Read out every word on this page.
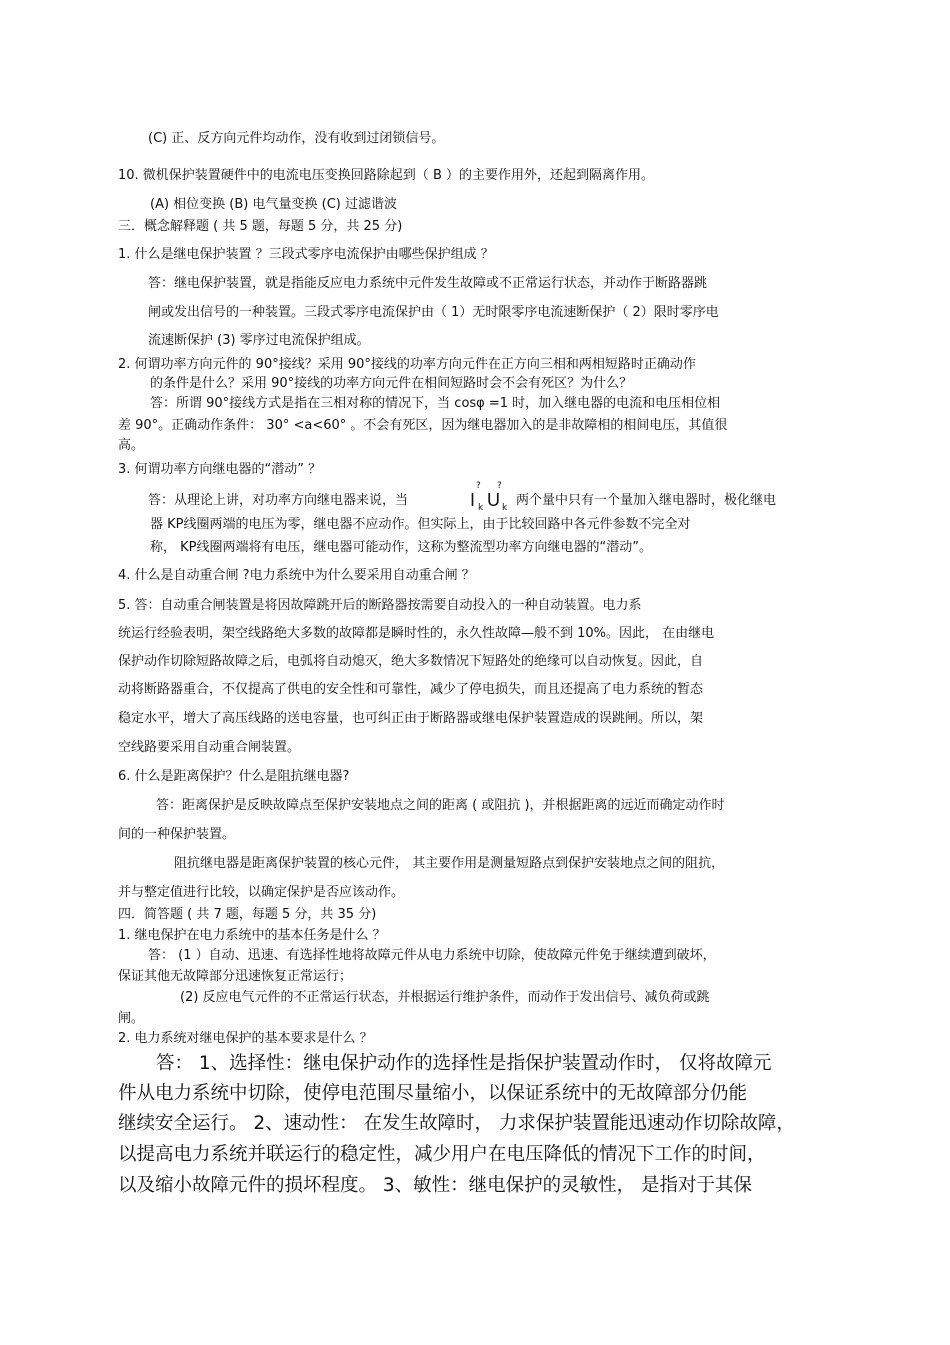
(C) 正、反方向元件均动作，没有收到过闭锁信号。
10. 微机保护装置硬件中的电流电压变换回路除起到（ B ）的主要作用外，还起到隔离作用。
(A) 相位变换 (B) 电气量变换 (C) 过滤谐波
三．概念解释题 ( 共 5 题，每题 5 分，共 25 分)
1. 什么是继电保护装置 ？三段式零序电流保护由哪些保护组成 ？
答：继电保护装置，就是指能反应电力系统中元件发生故障或不正常运行状态，并动作于断路器跳
闸或发出信号的一种装置。三段式零序电流保护由（ 1）无时限零序电流速断保护（ 2）限时零序电
流速断保护 (3) 零序过电流保护组成。
2. 何谓功率方向元件的 90°接线？采用 90°接线的功率方向元件在正方向三相和两相短路时正确动作
的条件是什么？采用 90°接线的功率方向元件在相间短路时会不会有死区？为什么？
答：所谓 90°接线方式是指在三相对称的情况下，当 cosφ =1 时，加入继电器的电流和电压相位相
差 90°。正确动作条件： 30° <a<60° 。不会有死区，因为继电器加入的是非故障相的相间电压，其值很
高。
3. 何谓功率方向继电器的“潜动” ？
答：从理论上讲，对功率方向继电器来说，当
? ?
I k U k 两个量中只有一个量加入继电器时，极化继电
器 KP线圈两端的电压为零，继电器不应动作。但实际上，由于比较回路中各元件参数不完全对
称， KP线圈两端将有电压，继电器可能动作，这称为整流型功率方向继电器的“潜动”。
4. 什么是自动重合闸 ?电力系统中为什么要采用自动重合闸 ？
5. 答：自动重合闸装置是将因故障跳开后的断路器按需要自动投入的一种自动装置。电力系
统运行经验表明，架空线路绝大多数的故障都是瞬时性的，永久性故障—般不到 10%。因此， 在由继电
保护动作切除短路故障之后，电弧将自动熄灭，绝大多数情况下短路处的绝缘可以自动恢复。因此，自
动将断路器重合，不仅提高了供电的安全性和可靠性，减少了停电损失，而且还提高了电力系统的暂态
稳定水平，增大了高压线路的送电容量，也可纠正由于断路器或继电保护装置造成的误跳闸。所以，架
空线路要采用自动重合闸装置。
6. 什么是距离保护？什么是阻抗继电器?
答：距离保护是反映故障点至保护安装地点之间的距离 ( 或阻抗 )，并根据距离的远近而确定动作时
间的一种保护装置。
阻抗继电器是距离保护装置的核心元件， 其主要作用是测量短路点到保护安装地点之间的阻抗，
并与整定值进行比较，以确定保护是否应该动作。
四．简答题 ( 共 7 题，每题 5 分，共 35 分)
1. 继电保护在电力系统中的基本任务是什么 ？
答： (1 ）自动、迅速、有选择性地将故障元件从电力系统中切除，使故障元件免于继续遭到破坏，
保证其他无故障部分迅速恢复正常运行；
(2) 反应电气元件的不正常运行状态，并根据运行维护条件，而动作于发出信号、减负荷或跳
闸。
2. 电力系统对继电保护的基本要求是什么 ？
答： 1、选择性：继电保护动作的选择性是指保护装置动作时， 仅将故障元
件从电力系统中切除，使停电范围尽量缩小，以保证系统中的无故障部分仍能
继续安全运行。 2、速动性： 在发生故障时， 力求保护装置能迅速动作切除故障，
以提高电力系统并联运行的稳定性，减少用户在电压降低的情况下工作的时间，
以及缩小故障元件的损坏程度。 3、敏性：继电保护的灵敏性， 是指对于其保
